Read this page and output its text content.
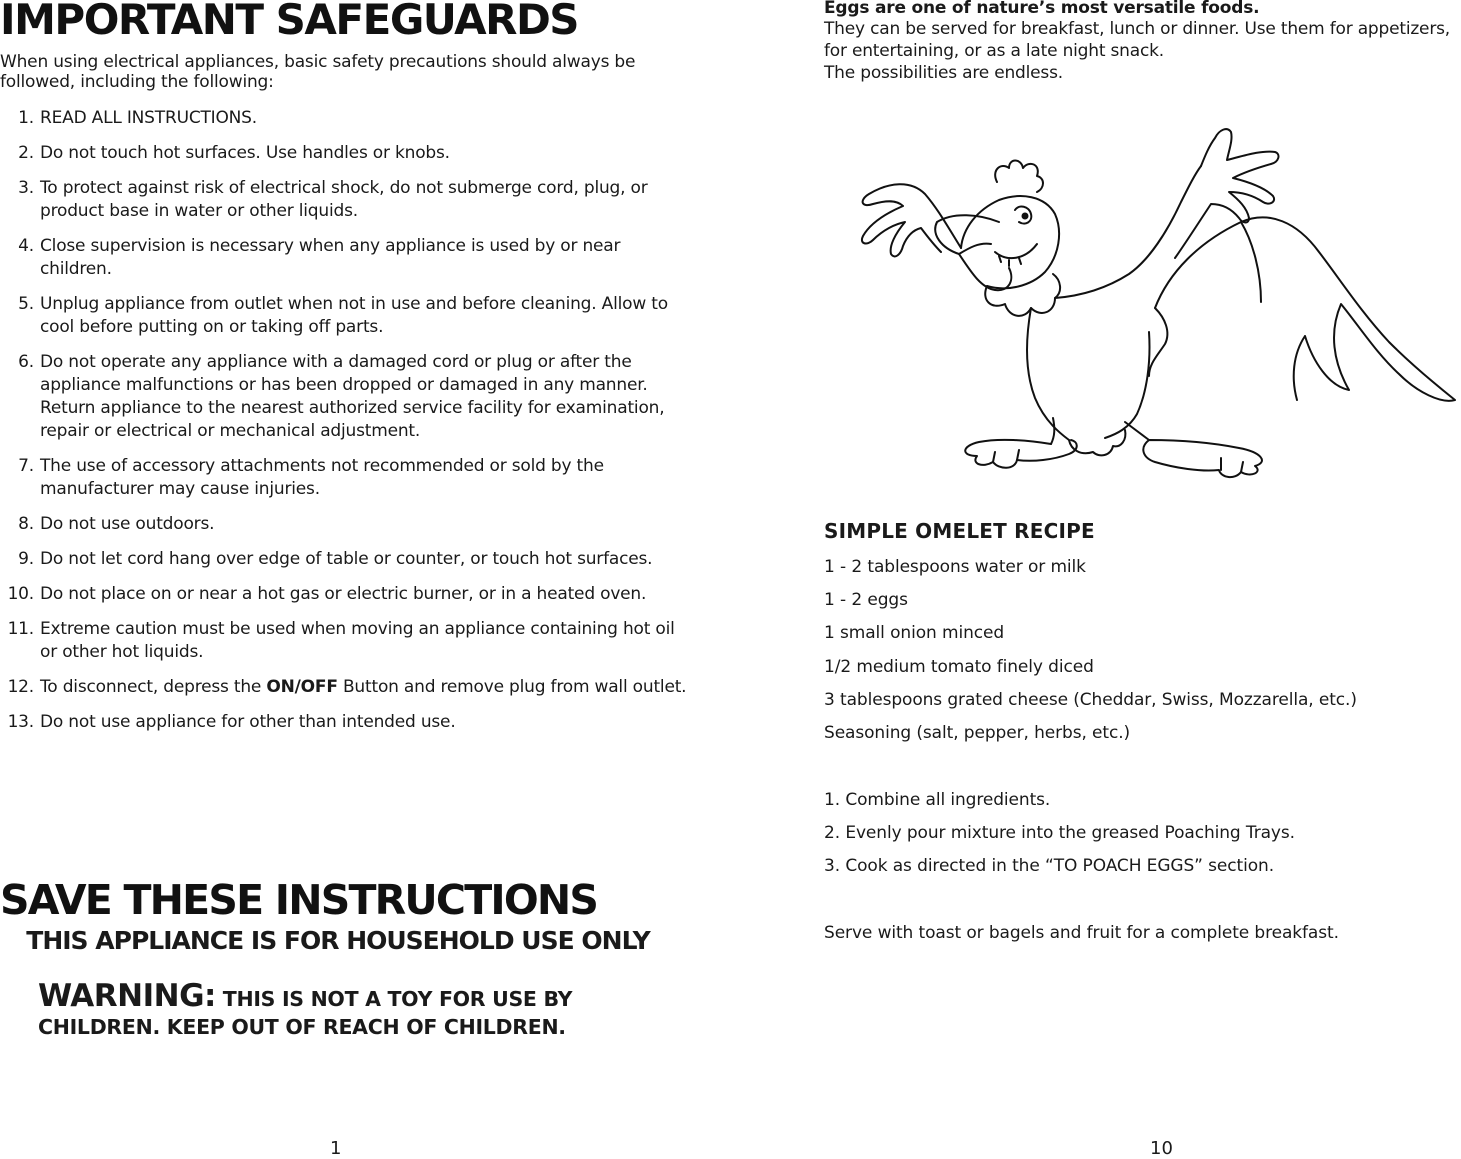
IMPORTANT SAFEGUARDS

When using electrical appliances, basic safety precautions should always be followed, including the following:

1. READ ALL INSTRUCTIONS.
2. Do not touch hot surfaces. Use handles or knobs.
3. To protect against risk of electrical shock, do not submerge cord, plug, or product base in water or other liquids.
4. Close supervision is necessary when any appliance is used by or near children.
5. Unplug appliance from outlet when not in use and before cleaning. Allow to cool before putting on or taking off parts.
6. Do not operate any appliance with a damaged cord or plug or after the appliance malfunctions or has been dropped or damaged in any manner. Return appliance to the nearest authorized service facility for examination, repair or electrical or mechanical adjustment.
7. The use of accessory attachments not recommended or sold by the manufacturer may cause injuries.
8. Do not use outdoors.
9. Do not let cord hang over edge of table or counter, or touch hot surfaces.
10. Do not place on or near a hot gas or electric burner, or in a heated oven.
11. Extreme caution must be used when moving an appliance containing hot oil or other hot liquids.
12. To disconnect, depress the ON/OFF Button and remove plug from wall outlet.
13. Do not use appliance for other than intended use.
SAVE THESE INSTRUCTIONS
THIS APPLIANCE IS FOR HOUSEHOLD USE ONLY
WARNING: THIS IS NOT A TOY FOR USE BY CHILDREN. KEEP OUT OF REACH OF CHILDREN.
1

Eggs are one of nature’s most versatile foods.

They can be served for breakfast, lunch or dinner. Use them for appetizers, for entertaining, or as a late night snack.

The possibilities are endless.

SIMPLE OMELET RECIPE
1 - 2 tablespoons water or milk
1 - 2 eggs
1 small onion minced
1/2 medium tomato finely diced
3 tablespoons grated cheese (Cheddar, Swiss, Mozzarella, etc.)
Seasoning (salt, pepper, herbs, etc.)
1. Combine all ingredients.
2. Evenly pour mixture into the greased Poaching Trays.
3. Cook as directed in the “TO POACH EGGS” section.

Serve with toast or bagels and fruit for a complete breakfast.

10
